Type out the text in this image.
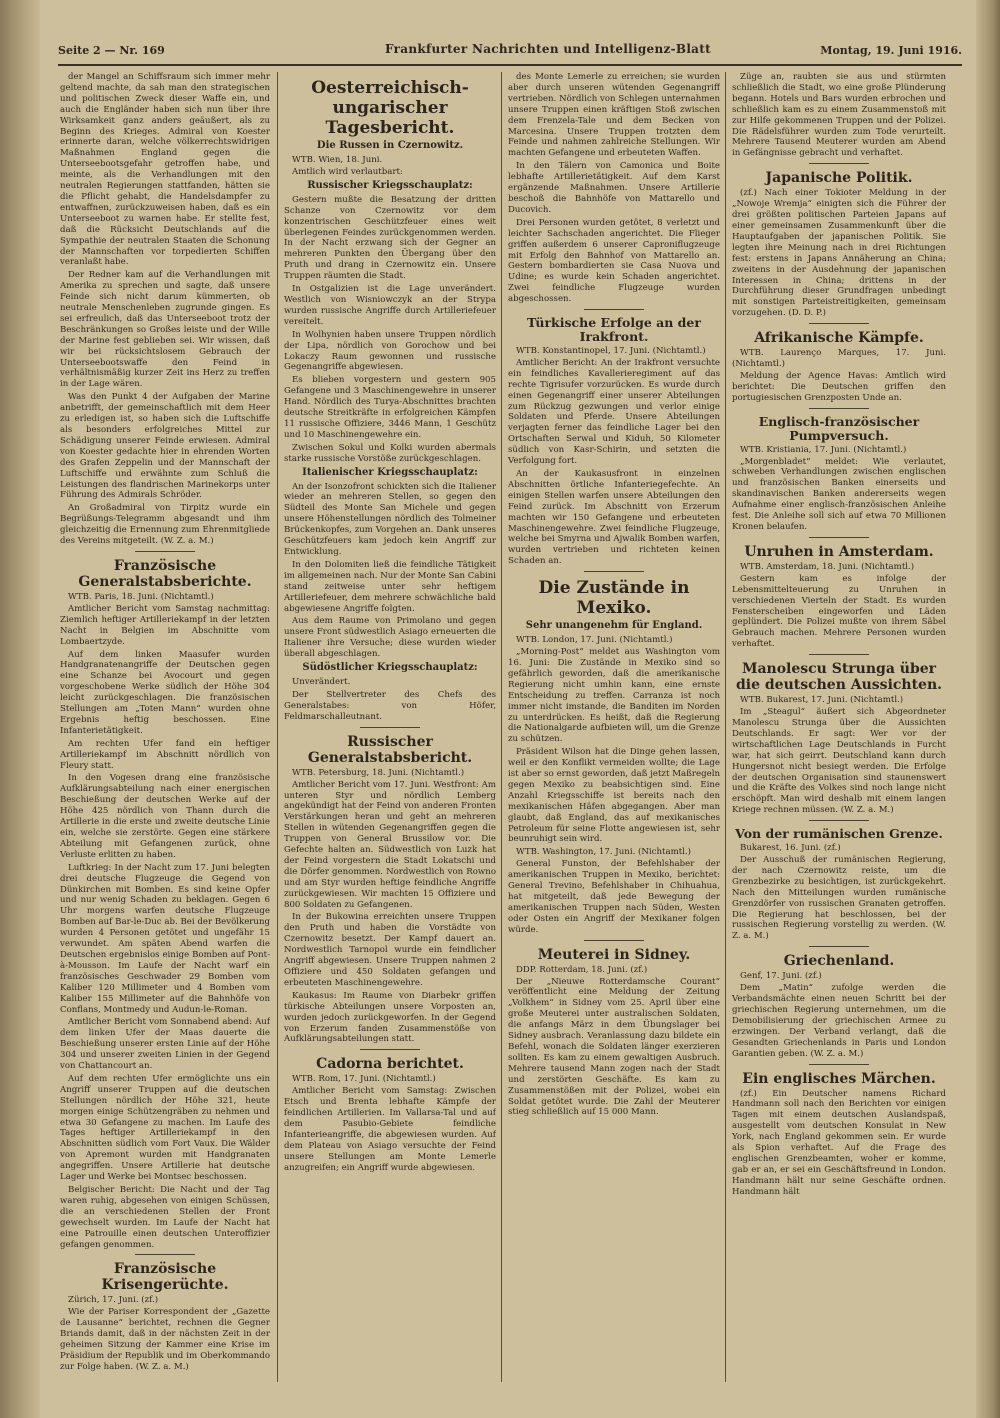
Seite 2 — Nr. 169	Frankfurter Nachrichten und Intelligenz-Blatt	Montag, 19. Juni 1916.

der Mangel an Schiffsraum sich immer mehr geltend machte, da sah man den strategischen und politischen Zweck dieser Waffe ein, und auch die Engländer haben sich nun über ihre Wirksamkeit ganz anders geäußert, als zu Beginn des Krieges. Admiral von Koester erinnerte daran, welche völkerrechtswidrigen Maßnahmen England gegen die Unterseebootsgefahr getroffen habe, und meinte, als die Verhandlungen mit den neutralen Regierungen stattfanden, hätten sie die Pflicht gehabt, die Handelsdampfer zu entwaffnen, zurückzuweisen haben, daß es ein Unterseeboot zu warnen habe. Er stellte fest, daß die Rücksicht Deutschlands auf die Sympathie der neutralen Staaten die Schonung der Mannschaften vor torpedierten Schiffen veranlaßt habe.

Der Redner kam auf die Verhandlungen mit Amerika zu sprechen und sagte, daß unsere Feinde sich nicht darum kümmerten, ob neutrale Menschenleben zugrunde gingen. Es sei erfreulich, daß das Unterseeboot trotz der Beschränkungen so Großes leiste und der Wille der Marine fest geblieben sei. Wir wissen, daß wir bei rücksichtslosem Gebrauch der Unterseebootswaffe den Feind in verhältnismäßig kurzer Zeit ins Herz zu treffen in der Lage wären.

Was den Punkt 4 der Aufgaben der Marine anbetrifft, der gemeinschaftlich mit dem Heer zu erledigen ist, so haben sich die Luftschiffe als besonders erfolgreiches Mittel zur Schädigung unserer Feinde erwiesen. Admiral von Koester gedachte hier in ehrenden Worten des Grafen Zeppelin und der Mannschaft der Luftschiffe und erwähnte zum Schluß die Leistungen des flandrischen Marinekorps unter Führung des Admirals Schröder.

An Großadmiral von Tirpitz wurde ein Begrüßungs-Telegramm abgesandt und ihm gleichzeitig die Ernennung zum Ehrenmitgliede des Vereins mitgeteilt. (W. Z. a. M.)

Französische Generalstabsberichte.
WTB. Paris, 18. Juni. (Nichtamtl.)

Amtlicher Bericht vom Samstag nachmittag: Ziemlich heftiger Artilleriekampf in der letzten Nacht in Belgien im Abschnitte vom Lombaertzyde.

Auf dem linken Maasufer wurden Handgranatenangriffe der Deutschen gegen eine Schanze bei Avocourt und gegen vorgeschobene Werke südlich der Höhe 304 leicht zurückgeschlagen. Die französischen Stellungen am „Toten Mann“ wurden ohne Ergebnis heftig beschossen. Eine Infanterietätigkeit.

Am rechten Ufer fand ein heftiger Artilleriekampf im Abschnitt nördlich von Fleury statt.

In den Vogesen drang eine französische Aufklärungsabteilung nach einer energischen Beschießung der deutschen Werke auf der Höhe 425 nördlich von Thann durch die Artillerie in die erste und zweite deutsche Linie ein, welche sie zerstörte. Gegen eine stärkere Abteilung mit Gefangenen zurück, ohne Verluste erlitten zu haben.

Luftkrieg: In der Nacht zum 17. Juni belegten drei deutsche Flugzeuge die Gegend von Dünkirchen mit Bomben. Es sind keine Opfer und nur wenig Schaden zu beklagen. Gegen 6 Uhr morgens warfen deutsche Flugzeuge Bomben auf Bar-le-Duc ab. Bei der Bevölkerung wurden 4 Personen getötet und ungefähr 15 verwundet. Am späten Abend warfen die Deutschen ergebnislos einige Bomben auf Pont-à-Mousson. Im Laufe der Nacht warf ein französisches Geschwader 29 Bomben vom Kaliber 120 Millimeter und 4 Bomben vom Kaliber 155 Millimeter auf die Bahnhöfe von Conflans, Montmedy und Audun-le-Roman.

Amtlicher Bericht vom Sonnabend abend: Auf dem linken Ufer der Maas dauerte die Beschießung unserer ersten Linie auf der Höhe 304 und unserer zweiten Linien in der Gegend von Chattancourt an.

Auf dem rechten Ufer ermöglichte uns ein Angriff unserer Truppen auf die deutschen Stellungen nördlich der Höhe 321, heute morgen einige Schützengräben zu nehmen und etwa 30 Gefangene zu machen. Im Laufe des Tages heftiger Artilleriekampf in den Abschnitten südlich vom Fort Vaux. Die Wälder von Apremont wurden mit Handgranaten angegriffen. Unsere Artillerie hat deutsche Lager und Werke bei Montsec beschossen.

Belgischer Bericht: Die Nacht und der Tag waren ruhig, abgesehen von einigen Schüssen, die an verschiedenen Stellen der Front gewechselt wurden. Im Laufe der Nacht hat eine Patrouille einen deutschen Unteroffizier gefangen genommen.

Französische Krisengerüchte.
Zürich, 17. Juni. (zf.)

Wie der Pariser Korrespondent der „Gazette de Lausanne“ berichtet, rechnen die Gegner Briands damit, daß in der nächsten Zeit in der geheimen Sitzung der Kammer eine Krise im Präsidium der Republik und im Oberkommando zur Folge haben. (W. Z. a. M.)

Oesterreichisch-ungarischer Tagesbericht.
Die Russen in Czernowitz.
WTB. Wien, 18. Juni.

Amtlich wird verlautbart:

Russischer Kriegsschauplatz:

Gestern mußte die Besatzung der dritten Schanze von Czernowitz vor dem konzentrischen Geschützfeuer eines weit überlegenen Feindes zurückgenommen werden. In der Nacht erzwang sich der Gegner an mehreren Punkten den Übergang über den Pruth und drang in Czernowitz ein. Unsere Truppen räumten die Stadt.

In Ostgalizien ist die Lage unverändert. Westlich von Wisniowczyk an der Strypa wurden russische Angriffe durch Artilleriefeuer vereitelt.

In Wolhynien haben unsere Truppen nördlich der Lipa, nördlich von Gorochow und bei Lokaczy Raum gewonnen und russische Gegenangriffe abgewiesen.

Es blieben vorgestern und gestern 905 Gefangene und 3 Maschinengewehre in unserer Hand. Nördlich des Turya-Abschnittes brachten deutsche Streitkräfte in erfolgreichen Kämpfen 11 russische Offiziere, 3446 Mann, 1 Geschütz und 10 Maschinengewehre ein.

Zwischen Sokul und Kolki wurden abermals starke russische Vorstöße zurückgeschlagen.

Italienischer Kriegsschauplatz:

An der Isonzofront schickten sich die Italiener wieder an mehreren Stellen, so gegen den Südteil des Monte San Michele und gegen unsere Höhenstellungen nördlich des Tolmeiner Brückenkopfes, zum Vorgehen an. Dank unseres Geschützfeuers kam jedoch kein Angriff zur Entwicklung.

In den Dolomiten ließ die feindliche Tätigkeit im allgemeinen nach. Nur der Monte San Cabini stand zeitweise unter sehr heftigem Artilleriefeuer, dem mehrere schwächliche bald abgewiesene Angriffe folgten.

Aus dem Raume von Primolano und gegen unsere Front südwestlich Asiago erneuerten die Italiener ihre Versuche; diese wurden wieder überall abgeschlagen.

Südöstlicher Kriegsschauplatz:

Unverändert.

Der Stellvertreter des Chefs des Generalstabes: von Höfer, Feldmarschalleutnant.

Russischer Generalstabsbericht.
WTB. Petersburg, 18. Juni. (Nichtamtl.)

Amtlicher Bericht vom 17. Juni. Westfront: Am unteren Styr und nördlich Lemberg angekündigt hat der Feind von anderen Fronten Verstärkungen heran und geht an mehreren Stellen in wütenden Gegenangriffen gegen die Truppen von General Brussilow vor. Die Gefechte halten an. Südwestlich von Luzk hat der Feind vorgestern die Stadt Lokatschi und die Dörfer genommen. Nordwestlich von Rowno und am Styr wurden heftige feindliche Angriffe zurückgewiesen. Wir machten 15 Offiziere und 800 Soldaten zu Gefangenen.

In der Bukowina erreichten unsere Truppen den Pruth und haben die Vorstädte von Czernowitz besetzt. Der Kampf dauert an. Nordwestlich Tarnopol wurde ein feindlicher Angriff abgewiesen. Unsere Truppen nahmen 2 Offiziere und 450 Soldaten gefangen und erbeuteten Maschinengewehre.

Kaukasus: Im Raume von Diarbekr griffen türkische Abteilungen unsere Vorposten an, wurden jedoch zurückgeworfen. In der Gegend von Erzerum fanden Zusammenstöße von Aufklärungsabteilungen statt.

Cadorna berichtet.
WTB. Rom, 17. Juni. (Nichtamtl.)

Amtlicher Bericht vom Samstag: Zwischen Etsch und Brenta lebhafte Kämpfe der feindlichen Artillerien. Im Vallarsa-Tal und auf dem Pasubio-Gebiete feindliche Infanterieangriffe, die abgewiesen wurden. Auf dem Plateau von Asiago versuchte der Feind unsere Stellungen am Monte Lemerle anzugreifen; ein Angriff wurde abgewiesen.

des Monte Lemerle zu erreichen; sie wurden aber durch unseren wütenden Gegenangriff vertrieben. Nördlich von Schlegen unternahmen unsere Truppen einen kräftigen Stoß zwischen dem Frenzela-Tale und dem Becken von Marcesina. Unsere Truppen trotzten dem Feinde und nahmen zahlreiche Stellungen. Wir machten Gefangene und erbeuteten Waffen.

In den Tälern von Camonica und Boite lebhafte Artillerietätigkeit. Auf dem Karst ergänzende Maßnahmen. Unsere Artillerie beschoß die Bahnhöfe von Mattarello und Ducovich.

Drei Personen wurden getötet, 8 verletzt und leichter Sachschaden angerichtet. Die Flieger griffen außerdem 6 unserer Caproniflugzeuge mit Erfolg den Bahnhof von Mattarello an. Gestern bombardierten sie Casa Nuova und Udine; es wurde kein Schaden angerichtet. Zwei feindliche Flugzeuge wurden abgeschossen.

Türkische Erfolge an der Irakfront.
WTB. Konstantinopel, 17. Juni. (Nichtamtl.)

Amtlicher Bericht: An der Irakfront versuchte ein feindliches Kavallerieregiment auf das rechte Tigrisufer vorzurücken. Es wurde durch einen Gegenangriff einer unserer Abteilungen zum Rückzug gezwungen und verlor einige Soldaten und Pferde. Unsere Abteilungen verjagten ferner das feindliche Lager bei den Ortschaften Serwal und Kiduh, 50 Kilometer südlich von Kasr-Schirin, und setzten die Verfolgung fort.

An der Kaukasusfront in einzelnen Abschnitten örtliche Infanteriegefechte. An einigen Stellen warfen unsere Abteilungen den Feind zurück. Im Abschnitt von Erzerum machten wir 150 Gefangene und erbeuteten Maschinengewehre. Zwei feindliche Flugzeuge, welche bei Smyrna und Ajwalik Bomben warfen, wurden vertrieben und richteten keinen Schaden an.

Die Zustände in Mexiko.
Sehr unangenehm für England.
WTB. London, 17. Juni. (Nichtamtl.)

„Morning-Post“ meldet aus Washington vom 16. Juni: Die Zustände in Mexiko sind so gefährlich geworden, daß die amerikanische Regierung nicht umhin kann, eine ernste Entscheidung zu treffen. Carranza ist noch immer nicht imstande, die Banditen im Norden zu unterdrücken. Es heißt, daß die Regierung die Nationalgarde aufbieten will, um die Grenze zu schützen.

Präsident Wilson hat die Dinge gehen lassen, weil er den Konflikt vermeiden wollte; die Lage ist aber so ernst geworden, daß jetzt Maßregeln gegen Mexiko zu beabsichtigen sind. Eine Anzahl Kriegsschiffe ist bereits nach den mexikanischen Häfen abgegangen. Aber man glaubt, daß England, das auf mexikanisches Petroleum für seine Flotte angewiesen ist, sehr beunruhigt sein wird.

WTB. Washington, 17. Juni. (Nichtamtl.)

General Funston, der Befehlshaber der amerikanischen Truppen in Mexiko, berichtet: General Trevino, Befehlshaber in Chihuahua, hat mitgeteilt, daß jede Bewegung der amerikanischen Truppen nach Süden, Westen oder Osten ein Angriff der Mexikaner folgen würde.

Meuterei in Sidney.
DDP. Rotterdam, 18. Juni. (zf.)

Der „Nieuwe Rotterdamsche Courant“ veröffentlicht eine Meldung der Zeitung „Volkhem“ in Sidney vom 25. April über eine große Meuterei unter australischen Soldaten, die anfangs März in dem Übungslager bei Sidney ausbrach. Veranlassung dazu bildete ein Befehl, wonach die Soldaten länger exerzieren sollten. Es kam zu einem gewaltigen Ausbruch. Mehrere tausend Mann zogen nach der Stadt und zerstörten Geschäfte. Es kam zu Zusammenstößen mit der Polizei, wobei ein Soldat getötet wurde. Die Zahl der Meuterer stieg schließlich auf 15 000 Mann.

Züge an, raubten sie aus und stürmten schließlich die Stadt, wo eine große Plünderung begann. Hotels und Bars wurden erbrochen und schließlich kam es zu einem Zusammenstoß mit zur Hilfe gekommenen Truppen und der Polizei. Die Rädelsführer wurden zum Tode verurteilt. Mehrere Tausend Meuterer wurden am Abend in Gefängnisse gebracht und verhaftet.

Japanische Politik.

(zf.) Nach einer Tokioter Meldung in der „Nowoje Wremja“ einigten sich die Führer der drei größten politischen Parteien Japans auf einer gemeinsamen Zusammenkunft über die Hauptaufgaben der japanischen Politik. Sie legten ihre Meinung nach in drei Richtungen fest: erstens in Japans Annäherung an China; zweitens in der Ausdehnung der japanischen Interessen in China; drittens in der Durchführung dieser Grundfragen unbedingt mit sonstigen Parteistreitigkeiten, gemeinsam vorzugehen. (D. D. P.)

Afrikanische Kämpfe.
WTB. Laurenço Marques, 17. Juni. (Nichtamtl.)

Meldung der Agence Havas: Amtlich wird berichtet: Die Deutschen griffen den portugiesischen Grenzposten Unde an.

Englisch-französischer Pumpversuch.
WTB. Kristiania, 17. Juni. (Nichtamtl.)

„Morgenbladet“ meldet: Wie verlautet, schweben Verhandlungen zwischen englischen und französischen Banken einerseits und skandinavischen Banken andererseits wegen Aufnahme einer englisch-französischen Anleihe fest. Die Anleihe soll sich auf etwa 70 Millionen Kronen belaufen.

Unruhen in Amsterdam.
WTB. Amsterdam, 18. Juni. (Nichtamtl.)

Gestern kam es infolge der Lebensmittelteuerung zu Unruhen in verschiedenen Vierteln der Stadt. Es wurden Fensterscheiben eingeworfen und Läden geplündert. Die Polizei mußte von ihrem Säbel Gebrauch machen. Mehrere Personen wurden verhaftet.

Manolescu Strunga über die deutschen Aussichten.
WTB. Bukarest, 17. Juni. (Nichtamtl.)

Im „Steagul“ äußert sich Abgeordneter Manolescu Strunga über die Aussichten Deutschlands. Er sagt: Wer vor der wirtschaftlichen Lage Deutschlands in Furcht war, hat sich geirrt. Deutschland kann durch Hungersnot nicht besiegt werden. Die Erfolge der deutschen Organisation sind staunenswert und die Kräfte des Volkes sind noch lange nicht erschöpft. Man wird deshalb mit einem langen Kriege rechnen müssen. (W. Z. a. M.)

Von der rumänischen Grenze.
Bukarest, 16. Juni. (zf.)

Der Ausschuß der rumänischen Regierung, der nach Czernowitz reiste, um die Grenzbezirke zu besichtigen, ist zurückgekehrt. Nach den Mitteilungen wurden rumänische Grenzdörfer von russischen Granaten getroffen. Die Regierung hat beschlossen, bei der russischen Regierung vorstellig zu werden. (W. Z. a. M.)

Griechenland.
Genf, 17. Juni. (zf.)

Dem „Matin“ zufolge werden die Verbandsmächte einen neuen Schritt bei der griechischen Regierung unternehmen, um die Demobilisierung der griechischen Armee zu erzwingen. Der Verband verlangt, daß die Gesandten Griechenlands in Paris und London Garantien geben. (W. Z. a. M.)

Ein englisches Märchen.

(zf.) Ein Deutscher namens Richard Handmann soll nach den Berichten vor einigen Tagen mit einem deutschen Auslandspaß, ausgestellt vom deutschen Konsulat in New York, nach England gekommen sein. Er wurde als Spion verhaftet. Auf die Frage des englischen Grenzbeamten, woher er komme, gab er an, er sei ein Geschäftsfreund in London. Handmann hält nur seine Geschäfte ordnen. Handmann hält
